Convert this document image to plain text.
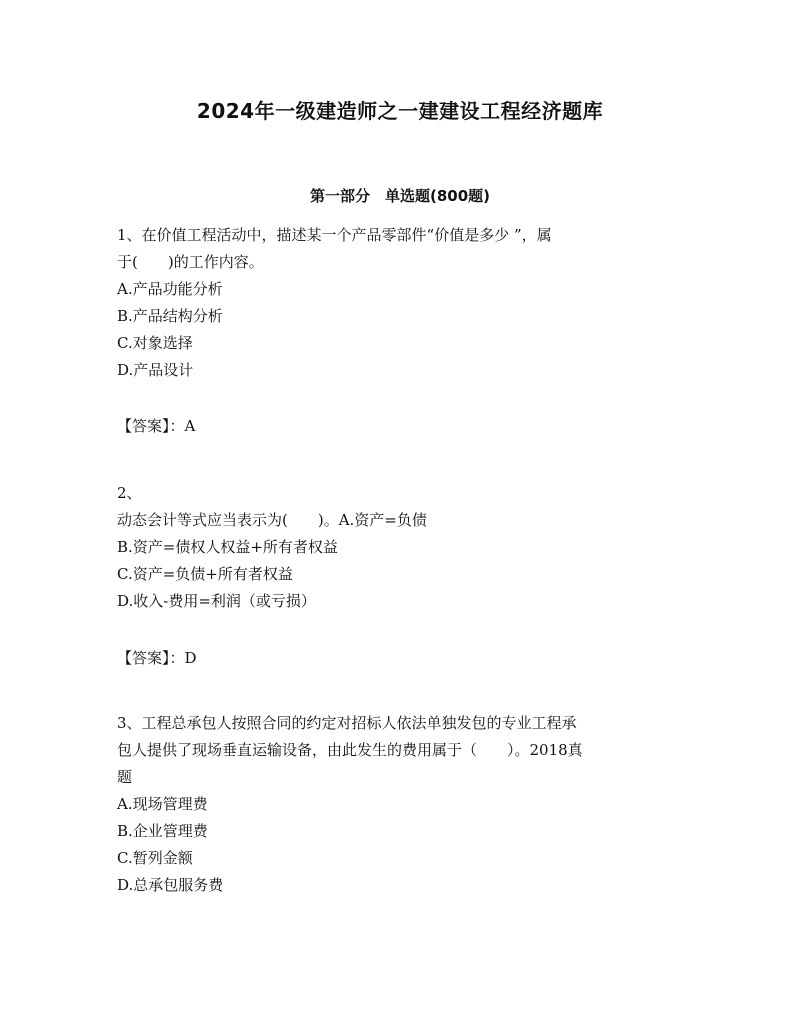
2024年一级建造师之一建建设工程经济题库
第一部分　单选题(800题)
1、在价值工程活动中，描述某一个产品零部件“价值是多少 ”，属
于(　　)的工作内容。
A.产品功能分析
B.产品结构分析
C.对象选择
D.产品设计
【答案】：A
2、
动态会计等式应当表示为(　　)。A.资产=负债
B.资产=债权人权益+所有者权益
C.资产=负债+所有者权益
D.收入-费用=利润（或亏损）
【答案】：D
3、工程总承包人按照合同的约定对招标人依法单独发包的专业工程承
包人提供了现场垂直运输设备，由此发生的费用属于（　　）。2018真
题
A.现场管理费
B.企业管理费
C.暂列金额
D.总承包服务费
